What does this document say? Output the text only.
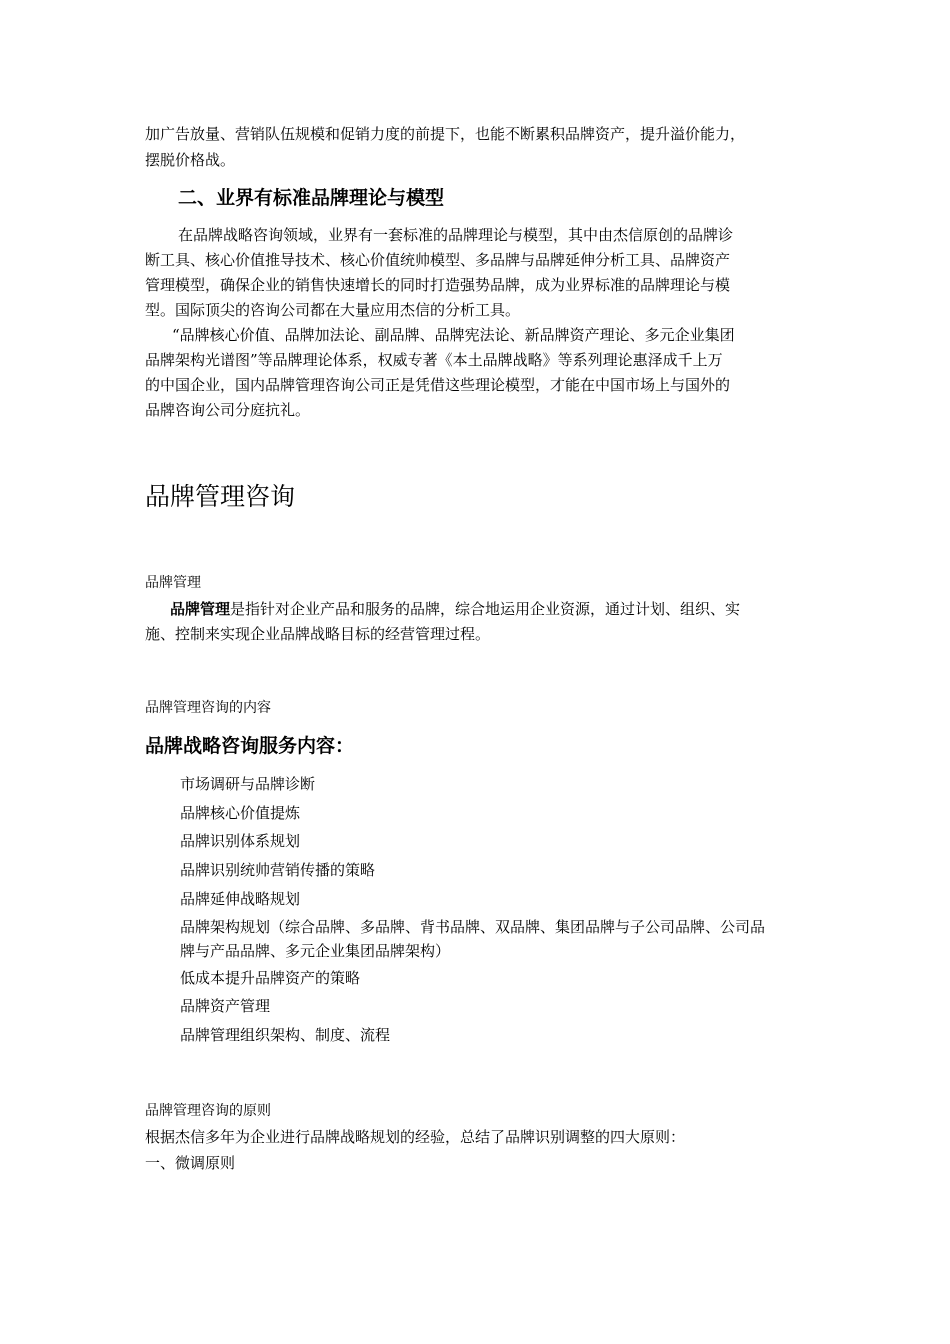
加广告放量、营销队伍规模和促销力度的前提下，也能不断累积品牌资产，提升溢价能力，
摆脱价格战。
二、业界有标准品牌理论与模型
在品牌战略咨询领域，业界有一套标准的品牌理论与模型，其中由杰信原创的品牌诊
断工具、核心价值推导技术、核心价值统帅模型、多品牌与品牌延伸分析工具、品牌资产
管理模型，确保企业的销售快速增长的同时打造强势品牌，成为业界标准的品牌理论与模
型。国际顶尖的咨询公司都在大量应用杰信的分析工具。
“品牌核心价值、品牌加法论、副品牌、品牌宪法论、新品牌资产理论、多元企业集团
品牌架构光谱图”等品牌理论体系，权威专著《本土品牌战略》等系列理论惠泽成千上万
的中国企业，国内品牌管理咨询公司正是凭借这些理论模型，才能在中国市场上与国外的
品牌咨询公司分庭抗礼。
品牌管理咨询
品牌管理
品牌管理是指针对企业产品和服务的品牌，综合地运用企业资源，通过计划、组织、实
施、控制来实现企业品牌战略目标的经营管理过程。
品牌管理咨询的内容
品牌战略咨询服务内容：
市场调研与品牌诊断
品牌核心价值提炼
品牌识别体系规划
品牌识别统帅营销传播的策略
品牌延伸战略规划
品牌架构规划（综合品牌、多品牌、背书品牌、双品牌、集团品牌与子公司品牌、公司品
牌与产品品牌、多元企业集团品牌架构）
低成本提升品牌资产的策略
品牌资产管理
品牌管理组织架构、制度、流程
品牌管理咨询的原则
根据杰信多年为企业进行品牌战略规划的经验，总结了品牌识别调整的四大原则：
一、微调原则
